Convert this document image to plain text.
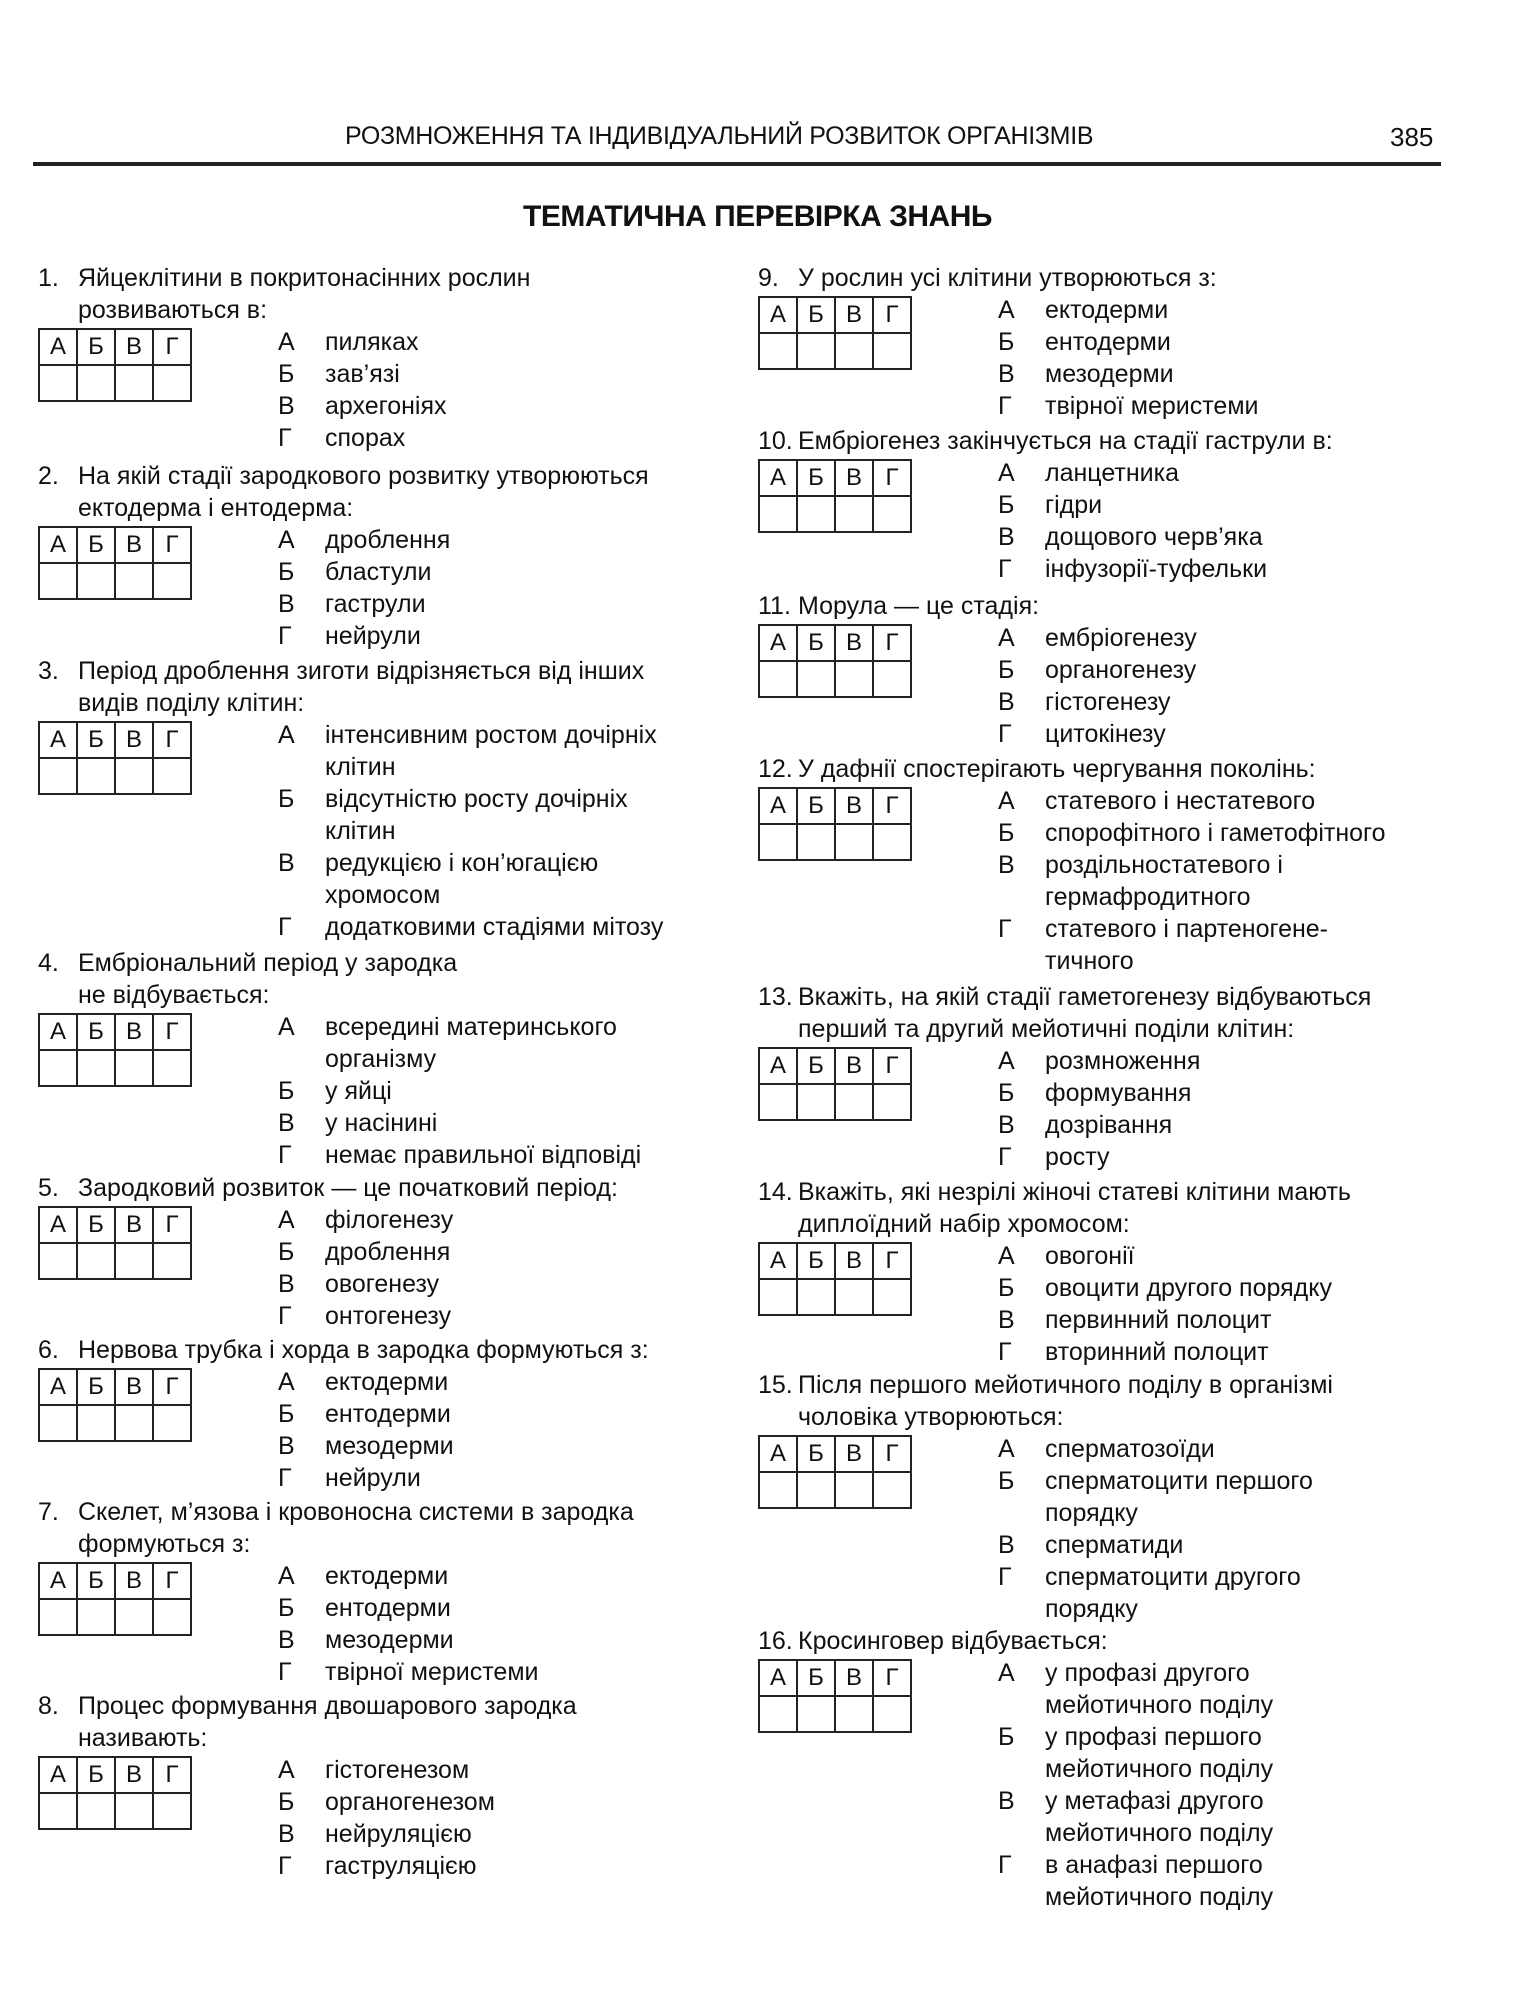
РОЗМНОЖЕННЯ ТА ІНДИВІДУАЛЬНИЙ РОЗВИТОК ОРГАНІЗМІВ	385
ТЕМАТИЧНА ПЕРЕВІРКА ЗНАНЬ
1. Яйцеклітини в покритонасінних рослин
розвиваються в:
А	Б	В	Г
				А пиляках
Б зав’язі
В архегоніях
Г спорах
2. На якій стадії зародкового розвитку утворюються
ектодерма і ентодерма:
А	Б	В	Г
				А дроблення
Б бластули
В гаструли
Г нейрули
3. Період дроблення зиготи відрізняється від інших
видів поділу клітин:
А	Б	В	Г
				А інтенсивним ростом дочірніх
клітин
Б відсутністю росту дочірніх
клітин
В редукцією і кон’югацією
хромосом
Г додатковими стадіями мітозу
4. Ембріональний період у зародка
не відбувається:
А	Б	В	Г
				А всередині материнського
організму
Б у яйці
В у насінині
Г немає правильної відповіді
5. Зародковий розвиток — це початковий період:
А	Б	В	Г
				А філогенезу
Б дроблення
В овогенезу
Г онтогенезу
6. Нервова трубка і хорда в зародка формуються з:
А	Б	В	Г
				А ектодерми
Б ентодерми
В мезодерми
Г нейрули
7. Скелет, м’язова і кровоносна системи в зародка
формуються з:
А	Б	В	Г
				А ектодерми
Б ентодерми
В мезодерми
Г твірної меристеми
8. Процес формування двошарового зародка
називають:
А	Б	В	Г
				А гістогенезом
Б органогенезом
В нейруляцією
Г гаструляцією
9. У рослин усі клітини утворюються з:
А	Б	В	Г
				А ектодерми
Б ентодерми
В мезодерми
Г твірної меристеми
10. Ембріогенез закінчується на стадії гаструли в:
А	Б	В	Г
				А ланцетника
Б гідри
В дощового черв’яка
Г інфузорії-туфельки
11. Морула — це стадія:
А	Б	В	Г
				А ембріогенезу
Б органогенезу
В гістогенезу
Г цитокінезу
12. У дафнії спостерігають чергування поколінь:
А	Б	В	Г
				А статевого і нестатевого
Б спорофітного і гаметофітного
В роздільностатевого і
гермафродитного
Г статевого і партеногене-
тичного
13. Вкажіть, на якій стадії гаметогенезу відбуваються
перший та другий мейотичні поділи клітин:
А	Б	В	Г
				А розмноження
Б формування
В дозрівання
Г росту
14. Вкажіть, які незрілі жіночі статеві клітини мають
диплоїдний набір хромосом:
А	Б	В	Г
				А овогонії
Б овоцити другого порядку
В первинний полоцит
Г вторинний полоцит
15. Після першого мейотичного поділу в організмі
чоловіка утворюються:
А	Б	В	Г
				А сперматозоїди
Б сперматоцити першого
порядку
В сперматиди
Г сперматоцити другого
порядку
16. Кросинговер відбувається:
А	Б	В	Г
				А у профазі другого
мейотичного поділу
Б у профазі першого
мейотичного поділу
В у метафазі другого
мейотичного поділу
Г в анафазі першого
мейотичного поділу
